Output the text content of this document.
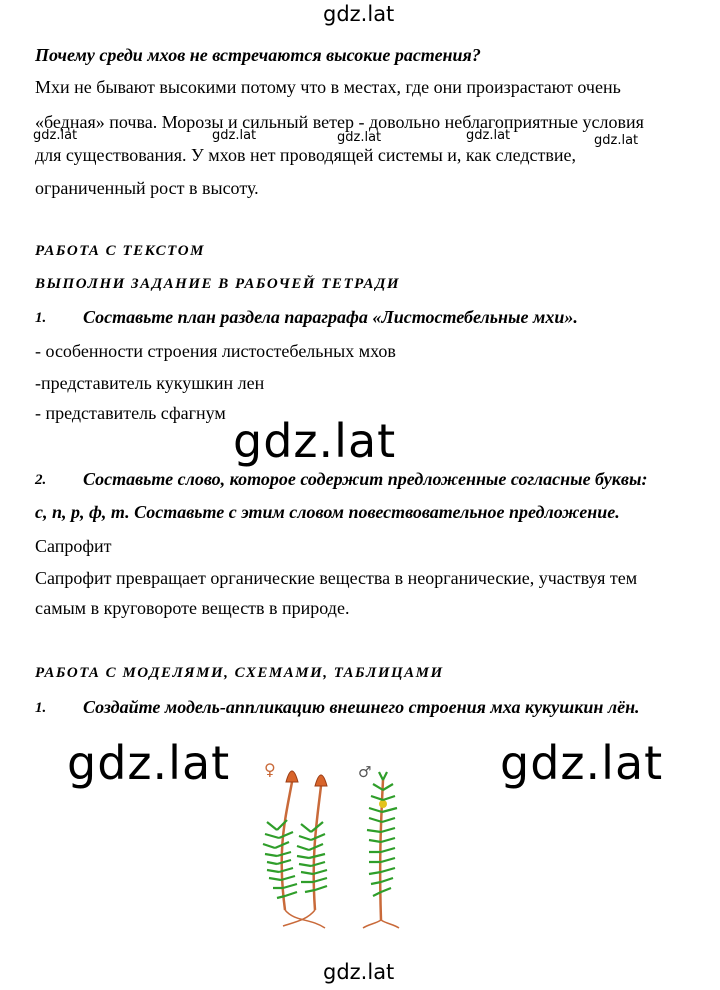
gdz.lat
gdz.lat	gdz.lat	gdz.lat	gdz.lat	gdz.lat
Почему среди мхов не встречаются высокие растения?
Мхи не бывают высокими потому что в местах, где они произрастают очень
«бедная» почва. Морозы и сильный ветер - довольно неблагоприятные условия
для существования. У мхов нет проводящей системы и, как следствие,
ограниченный рост в высоту.
РАБОТА С ТЕКСТОМ
ВЫПОЛНИ ЗАДАНИЕ В РАБОЧЕЙ ТЕТРАДИ
1. Составьте план раздела параграфа «Листостебельные мхи».
- особенности строения листостебельных мхов
-представитель кукушкин лен
- представитель сфагнум
gdz.lat
2. Составьте слово, которое содержит предложенные согласные буквы:
с, п, р, ф, т. Составьте с этим словом повествовательное предложение.
Сапрофит
Сапрофит превращает органические вещества в неорганические, участвуя тем
самым в круговороте веществ в природе.
РАБОТА С МОДЕЛЯМИ, СХЕМАМИ, ТАБЛИЦАМИ
1. Создайте модель-аппликацию внешнего строения мха кукушкин лён.
gdz.lat	gdz.lat
♀	♂
gdz.lat
